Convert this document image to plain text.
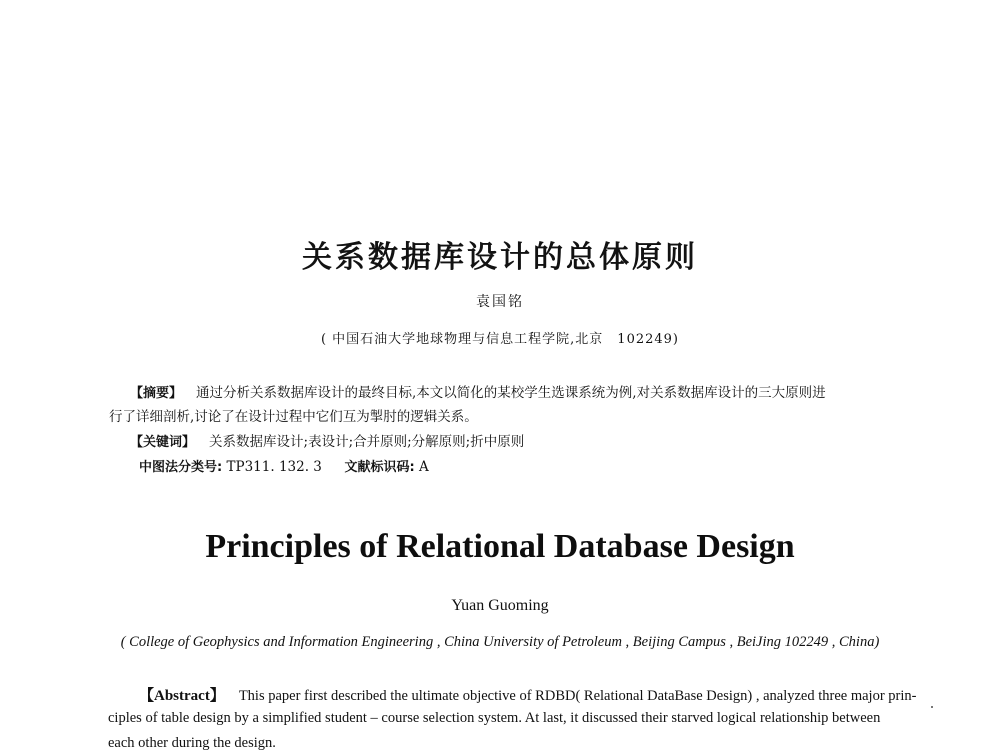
关系数据库设计的总体原则
袁国铭
( 中国石油大学地球物理与信息工程学院,北京　102249)
【摘要】 通过分析关系数据库设计的最终目标,本文以简化的某校学生选课系统为例,对关系数据库设计的三大原则进
行了详细剖析,讨论了在设计过程中它们互为掣肘的逻辑关系。
【关键词】 关系数据库设计;表设计;合并原则;分解原则;折中原则
中图法分类号: TP311. 132. 3 文献标识码: A
Principles of Relational Database Design
Yuan Guoming
( College of Geophysics and Information Engineering , China University of Petroleum , Beijing Campus , BeiJing 102249 , China)
【Abstract】 This paper first described the ultimate objective of RDBD( Relational DataBase Design) , analyzed three major prin-
ciples of table design by a simplified student – course selection system. At last, it discussed their starved logical relationship between
each other during the design.
